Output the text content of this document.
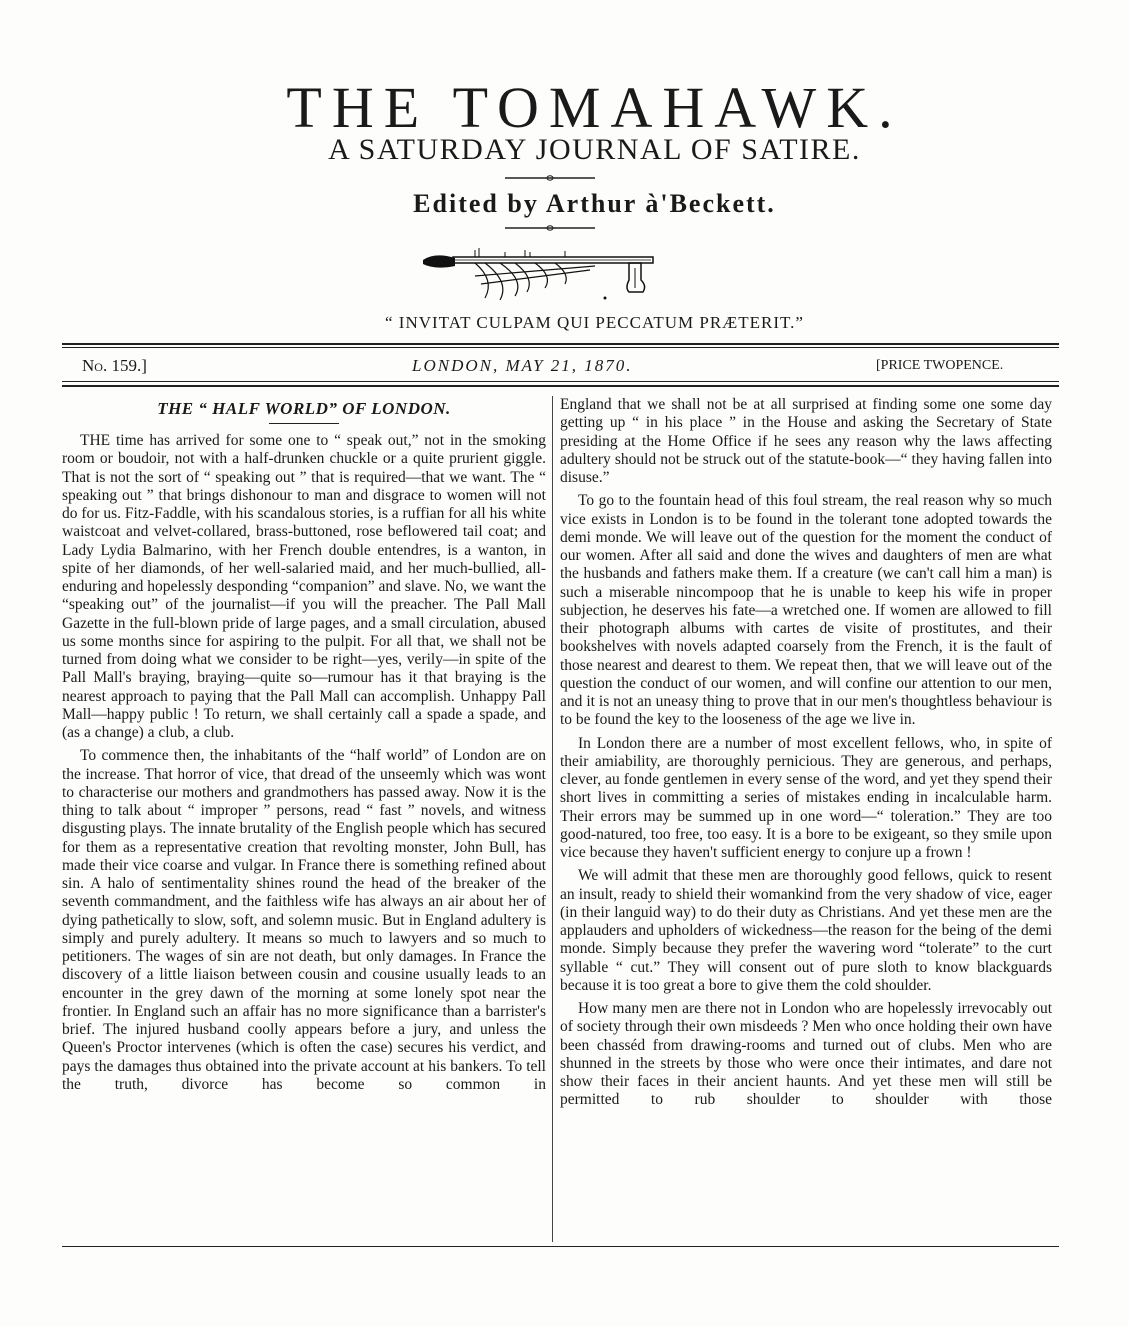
THE TOMAHAWK.
A SATURDAY JOURNAL OF SATIRE.
Edited by Arthur à'Beckett.
“ INVITAT CULPAM QUI PECCATUM PRÆTERIT.”
No. 159.]	LONDON, MAY 21, 1870.	[PRICE TWOPENCE.
THE “ HALF WORLD” OF LONDON.

THE time has arrived for some one to “ speak out,” not in the smoking room or boudoir, not with a half-drunken chuckle or a quite prurient giggle. That is not the sort of “ speaking out ” that is required—that we want. The “ speaking out ” that brings dishonour to man and disgrace to women will not do for us. Fitz-Faddle, with his scandalous stories, is a ruffian for all his white waistcoat and velvet-collared, brass-buttoned, rose beflowered tail coat; and Lady Lydia Balmarino, with her French double entendres, is a wanton, in spite of her diamonds, of her well-salaried maid, and her much-bullied, all-enduring and hopelessly desponding “companion” and slave. No, we want the “speaking out” of the journalist—if you will the preacher. The Pall Mall Gazette in the full-blown pride of large pages, and a small circulation, abused us some months since for aspiring to the pulpit. For all that, we shall not be turned from doing what we consider to be right—yes, verily—in spite of the Pall Mall's braying, braying—quite so—rumour has it that braying is the nearest approach to paying that the Pall Mall can accomplish. Unhappy Pall Mall—happy public ! To return, we shall certainly call a spade a spade, and (as a change) a club, a club.

To commence then, the inhabitants of the “half world” of London are on the increase. That horror of vice, that dread of the unseemly which was wont to characterise our mothers and grandmothers has passed away. Now it is the thing to talk about “ improper ” persons, read “ fast ” novels, and witness disgusting plays. The innate brutality of the English people which has secured for them as a representative creation that revolting monster, John Bull, has made their vice coarse and vulgar. In France there is something refined about sin. A halo of sentimentality shines round the head of the breaker of the seventh commandment, and the faithless wife has always an air about her of dying pathetically to slow, soft, and solemn music. But in England adultery is simply and purely adultery. It means so much to lawyers and so much to petitioners. The wages of sin are not death, but only damages. In France the discovery of a little liaison between cousin and cousine usually leads to an encounter in the grey dawn of the morning at some lonely spot near the frontier. In England such an affair has no more significance than a barrister's brief. The injured husband coolly appears before a jury, and unless the Queen's Proctor intervenes (which is often the case) secures his verdict, and pays the damages thus obtained into the private account at his bankers. To tell the truth, divorce has become so common in

England that we shall not be at all surprised at finding some one some day getting up “ in his place ” in the House and asking the Secretary of State presiding at the Home Office if he sees any reason why the laws affecting adultery should not be struck out of the statute-book—“ they having fallen into disuse.”

To go to the fountain head of this foul stream, the real reason why so much vice exists in London is to be found in the tolerant tone adopted towards the demi monde. We will leave out of the question for the moment the conduct of our women. After all said and done the wives and daughters of men are what the husbands and fathers make them. If a creature (we can't call him a man) is such a miserable nincompoop that he is unable to keep his wife in proper subjection, he deserves his fate—a wretched one. If women are allowed to fill their photograph albums with cartes de visite of prostitutes, and their bookshelves with novels adapted coarsely from the French, it is the fault of those nearest and dearest to them. We repeat then, that we will leave out of the question the conduct of our women, and will confine our attention to our men, and it is not an uneasy thing to prove that in our men's thoughtless behaviour is to be found the key to the looseness of the age we live in.

In London there are a number of most excellent fellows, who, in spite of their amiability, are thoroughly pernicious. They are generous, and perhaps, clever, au fonde gentlemen in every sense of the word, and yet they spend their short lives in committing a series of mistakes ending in incalculable harm. Their errors may be summed up in one word—“ toleration.” They are too good-natured, too free, too easy. It is a bore to be exigeant, so they smile upon vice because they haven't sufficient energy to conjure up a frown !

We will admit that these men are thoroughly good fellows, quick to resent an insult, ready to shield their womankind from the very shadow of vice, eager (in their languid way) to do their duty as Christians. And yet these men are the applauders and upholders of wickedness—the reason for the being of the demi monde. Simply because they prefer the wavering word “tolerate” to the curt syllable “ cut.” They will consent out of pure sloth to know blackguards because it is too great a bore to give them the cold shoulder.

How many men are there not in London who are hopelessly irrevocably out of society through their own misdeeds ? Men who once holding their own have been chasséd from drawing-rooms and turned out of clubs. Men who are shunned in the streets by those who were once their intimates, and dare not show their faces in their ancient haunts. And yet these men will still be permitted to rub shoulder to shoulder with those
